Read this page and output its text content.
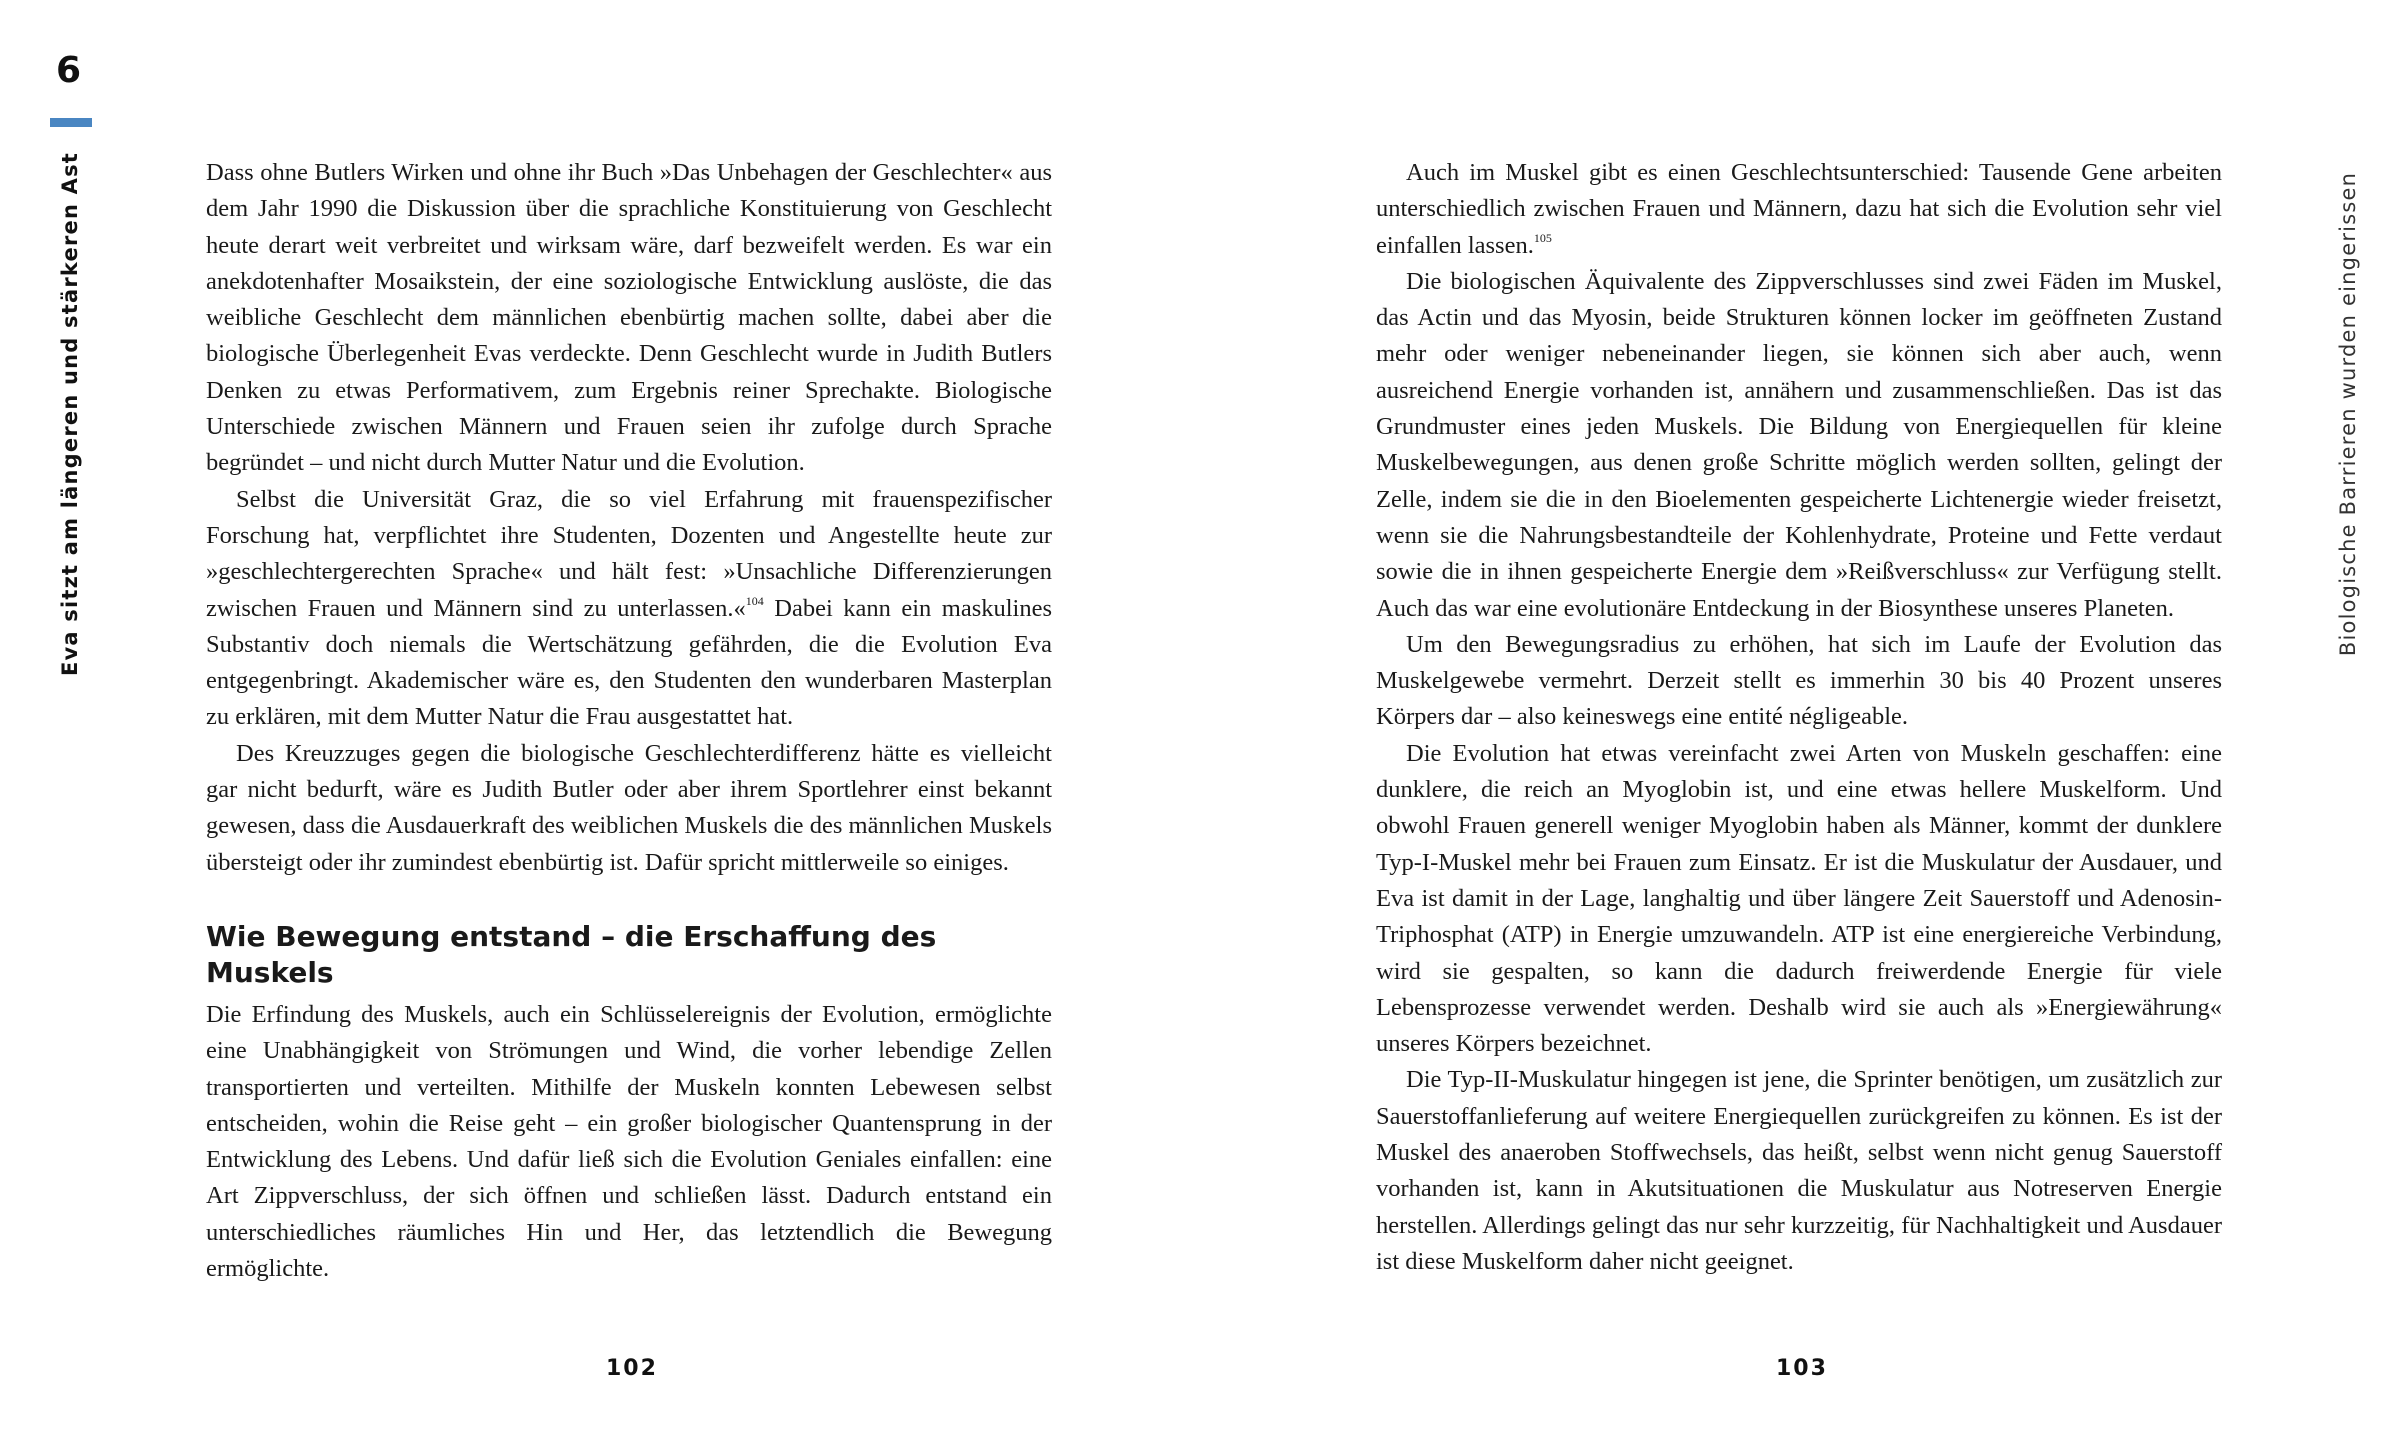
6
Eva sitzt am längeren und stärkeren Ast	Biologische Barrieren wurden eingerissen

Dass ohne Butlers Wirken und ohne ihr Buch »Das Unbehagen der Geschlechter« aus dem Jahr 1990 die Diskussion über die sprachliche Konstituierung von Geschlecht heute derart weit verbreitet und wirksam wäre, darf bezweifelt werden. Es war ein anekdotenhafter Mosaikstein, der eine soziologische Entwicklung auslöste, die das weibliche Geschlecht dem männlichen ebenbürtig machen sollte, dabei aber die biologische Überlegenheit Evas verdeckte. Denn Geschlecht wurde in Judith Butlers Denken zu etwas Performativem, zum Ergebnis reiner Sprechakte. Biologische Unterschiede zwischen Männern und Frauen seien ihr zufolge durch Sprache begründet – und nicht durch Mutter Natur und die Evolution.

Selbst die Universität Graz, die so viel Erfahrung mit frauenspezifischer Forschung hat, verpflichtet ihre Studenten, Dozenten und Angestellte heute zur »geschlechtergerechten Sprache« und hält fest: »Unsachliche Differenzierungen zwischen Frauen und Männern sind zu unterlassen.«$^{104}$ Dabei kann ein maskulines Substantiv doch niemals die Wertschätzung gefährden, die die Evolution Eva entgegenbringt. Akademischer wäre es, den Studenten den wunderbaren Masterplan zu erklären, mit dem Mutter Natur die Frau ausgestattet hat.

Des Kreuzzuges gegen die biologische Geschlechterdifferenz hätte es vielleicht gar nicht bedurft, wäre es Judith Butler oder aber ihrem Sportlehrer einst bekannt gewesen, dass die Ausdauerkraft des weiblichen Muskels die des männlichen Muskels übersteigt oder ihr zumindest ebenbürtig ist. Dafür spricht mittlerweile so einiges.

Wie Bewegung entstand – die Erschaffung des Muskels

Die Erfindung des Muskels, auch ein Schlüsselereignis der Evolution, ermöglichte eine Unabhängigkeit von Strömungen und Wind, die vorher lebendige Zellen transportierten und verteilten. Mithilfe der Muskeln konnten Lebewesen selbst entscheiden, wohin die Reise geht – ein großer biologischer Quantensprung in der Entwicklung des Lebens. Und dafür ließ sich die Evolution Geniales einfallen: eine Art Zippverschluss, der sich öffnen und schließen lässt. Dadurch entstand ein unterschiedliches räumliches Hin und Her, das letztendlich die Bewegung ermöglichte.

Auch im Muskel gibt es einen Geschlechtsunterschied: Tausende Gene arbeiten unterschiedlich zwischen Frauen und Männern, dazu hat sich die Evolution sehr viel einfallen lassen.$^{105}$

Die biologischen Äquivalente des Zippverschlusses sind zwei Fäden im Muskel, das Actin und das Myosin, beide Strukturen können locker im geöffneten Zustand mehr oder weniger nebeneinander liegen, sie können sich aber auch, wenn ausreichend Energie vorhanden ist, annähern und zusammenschließen. Das ist das Grundmuster eines jeden Muskels. Die Bildung von Energiequellen für kleine Muskelbewegungen, aus denen große Schritte möglich werden sollten, gelingt der Zelle, indem sie die in den Bioelementen gespeicherte Lichtenergie wieder freisetzt, wenn sie die Nahrungsbestandteile der Kohlenhydrate, Proteine und Fette verdaut sowie die in ihnen gespeicherte Energie dem »Reißverschluss« zur Verfügung stellt. Auch das war eine evolutionäre Entdeckung in der Biosynthese unseres Planeten.

Um den Bewegungsradius zu erhöhen, hat sich im Laufe der Evolution das Muskelgewebe vermehrt. Derzeit stellt es immerhin 30 bis 40 Prozent unseres Körpers dar – also keineswegs eine entité négligeable.

Die Evolution hat etwas vereinfacht zwei Arten von Muskeln geschaffen: eine dunklere, die reich an Myoglobin ist, und eine etwas hellere Muskelform. Und obwohl Frauen generell weniger Myoglobin haben als Männer, kommt der dunklere Typ-I-Muskel mehr bei Frauen zum Einsatz. Er ist die Muskulatur der Ausdauer, und Eva ist damit in der Lage, langhaltig und über längere Zeit Sauerstoff und Adenosin-Triphosphat (ATP) in Energie umzuwandeln. ATP ist eine energiereiche Verbindung, wird sie gespalten, so kann die dadurch freiwerdende Energie für viele Lebensprozesse verwendet werden. Deshalb wird sie auch als »Energiewährung« unseres Körpers bezeichnet.

Die Typ-II-Muskulatur hingegen ist jene, die Sprinter benötigen, um zusätzlich zur Sauerstoffanlieferung auf weitere Energiequellen zurückgreifen zu können. Es ist der Muskel des anaeroben Stoffwechsels, das heißt, selbst wenn nicht genug Sauerstoff vorhanden ist, kann in Akutsituationen die Muskulatur aus Notreserven Energie herstellen. Allerdings gelingt das nur sehr kurzzeitig, für Nachhaltigkeit und Ausdauer ist diese Muskelform daher nicht geeignet.

102	103
